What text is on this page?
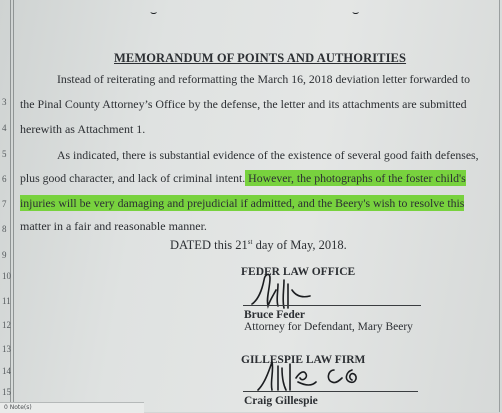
⌣	⌣
3
4
5
6
7
8
9
10
11
12
13
14
15
MEMORANDUM OF POINTS AND AUTHORITIES
Instead of reiterating and reformatting the March 16, 2018 deviation letter forwarded to
the Pinal County Attorney’s Office by the defense, the letter and its attachments are submitted
herewith as Attachment 1.
As indicated, there is substantial evidence of the existence of several good faith defenses,
plus good character, and lack of criminal intent. However, the photographs of the foster child's
injuries will be very damaging and prejudicial if admitted, and the Beery's wish to resolve this
matter in a fair and reasonable manner.
DATED this 21st day of May, 2018.
FEDER LAW OFFICE
Bruce Feder
Attorney for Defendant, Mary Beery
GILLESPIE LAW FIRM
Craig Gillespie
0 Note(s)
